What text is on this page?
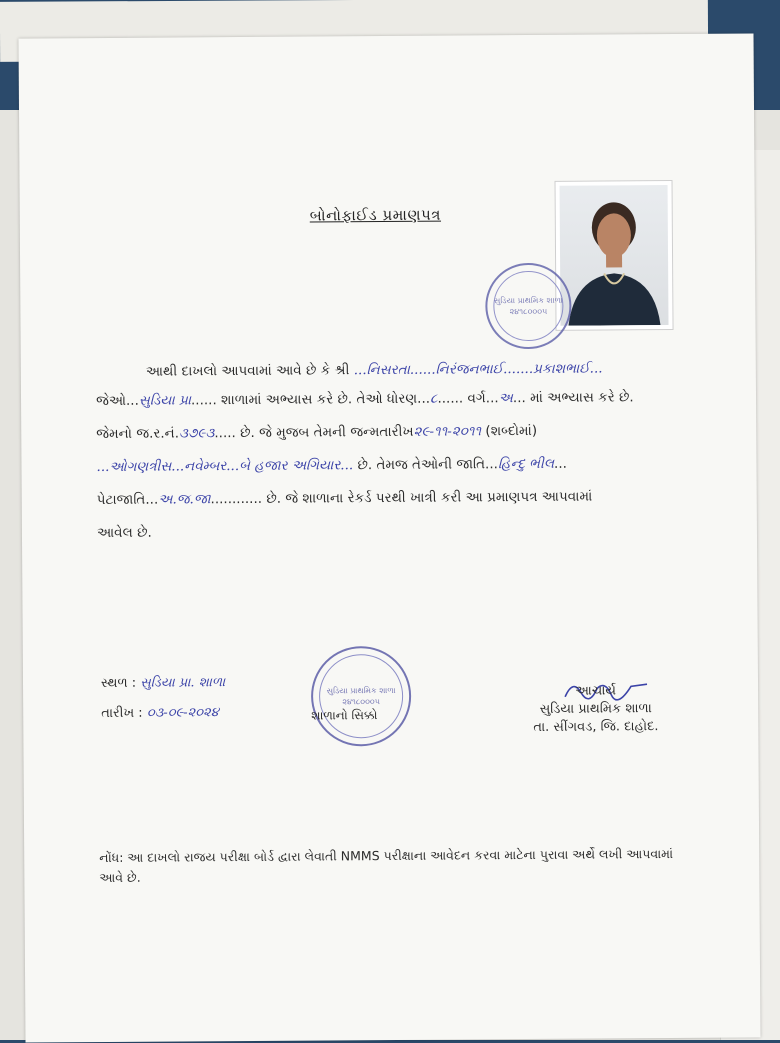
બોનોફાઈડ પ્રમાણપત્ર
સુડિયા પ્રાથમિક શાળા
૨૪૧૮૦૦૦૫
આથી દાખલો આપવામાં આવે છે કે શ્રી ...નિસરતા......નિરંજનભાઈ.......પ્રકાશભાઈ...
જેઓ...સુડિયા પ્રા...... શાળામાં અભ્યાસ કરે છે. તેઓ ધોરણ...૮...... વર્ગ...અ... માં અભ્યાસ કરે છે.
જેમનો જ.ર.નં.૩૭૯૩..... છે. જે મુજબ તેમની જન્મતારીખ૨૯-૧૧-૨૦૧૧ (શબ્દોમાં)
...ઓગણત્રીસ...નવેમ્બર...બે હજાર અગિયાર... છે. તેમજ તેઓની જાતિ...હિન્દુ ભીલ...
પેટાજાતિ...અ.જ.જા............ છે. જે શાળાના રેકર્ડ પરથી ખાત્રી કરી આ પ્રમાણપત્ર આપવામાં
આવેલ છે.
સ્થળ : સુડિયા પ્રા. શાળા
તારીખ : ૦૩-૦૯-૨૦૨૪
સુડિયા પ્રાથમિક શાળા
૨૪૧૮૦૦૦૫
શાળાનો સિક્કો
આચાર્ય
સુડિયા પ્રાથમિક શાળા
તા. સીંગવડ, જિ. દાહોદ.
નોંધ: આ દાખલો રાજય પરીક્ષા બોર્ડ દ્વારા લેવાતી NMMS પરીક્ષાના આવેદન કરવા માટેના પુરાવા અર્થે લખી આપવામાં આવે છે.
